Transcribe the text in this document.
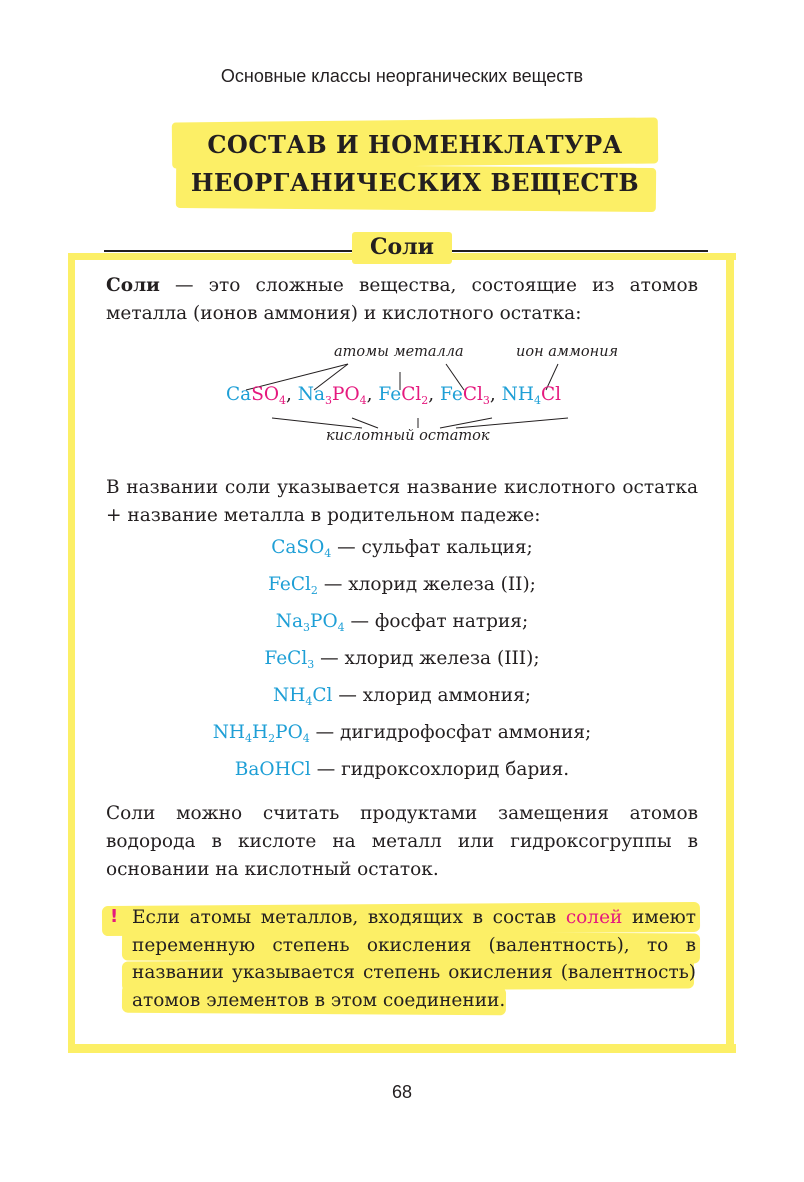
Основные классы неорганических веществ
СОСТАВ И НОМЕНКЛАТУРА
НЕОРГАНИЧЕСКИХ ВЕЩЕСТВ
Соли
Соли — это сложные вещества, состоящие из атомов металла (ионов аммония) и кислотного остатка:
атомы металла	ион аммония
CaSO$_4$, $Na_3PO_4$, FeCl$_2$, FeCl$_3$, $NH_4Cl$
кислотный остаток
В названии соли указывается название кислотного остатка + название металла в родительном падеже:
CaSO$_4$ — сульфат кальция;
FeCl$_2$ — хлорид железа (II);
$Na_3PO_4$ — фосфат натрия;
FeCl$_3$ — хлорид железа (III);
$NH_4Cl$ — хлорид аммония;
$NH_4H_2PO_4$ — дигидрофосфат аммония;
BaOHCl — гидроксохлорид бария.
Соли можно считать продуктами замещения атомов водорода в кислоте на металл или гидроксогруппы в основании на кислотный остаток.
! Если атомы металлов, входящих в состав солей имеют переменную степень окисления (валентность), то в названии указывается степень окисления (валентность) атомов элементов в этом соединении.
68
